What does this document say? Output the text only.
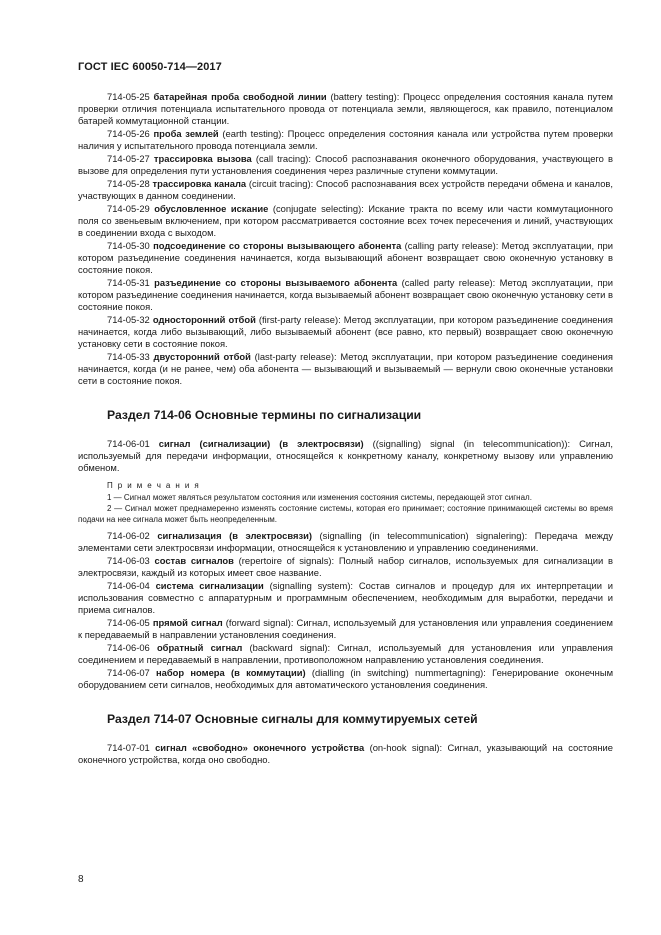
ГОСТ IEC 60050-714—2017
714-05-25 батарейная проба свободной линии (battery testing): Процесс определения состояния канала путем проверки отличия потенциала испытательного провода от потенциала земли, являющегося, как правило, потенциалом батарей коммутационной станции.
714-05-26 проба землей (earth testing): Процесс определения состояния канала или устройства путем проверки наличия у испытательного провода потенциала земли.
714-05-27 трассировка вызова (call tracing): Способ распознавания оконечного оборудования, участвующего в вызове для определения пути установления соединения через различные ступени коммутации.
714-05-28 трассировка канала (circuit tracing): Способ распознавания всех устройств передачи обмена и каналов, участвующих в данном соединении.
714-05-29 обусловленное искание (conjugate selecting): Искание тракта по всему или части коммутационного поля со звеньевым включением, при котором рассматривается состояние всех точек пересечения и линий, участвующих в соединении входа с выходом.
714-05-30 подсоединение со стороны вызывающего абонента (calling party release): Метод эксплуатации, при котором разъединение соединения начинается, когда вызывающий абонент возвращает свою оконечную установку в состояние покоя.
714-05-31 разъединение со стороны вызываемого абонента (called party release): Метод эксплуатации, при котором разъединение соединения начинается, когда вызываемый абонент возвращает свою оконечную установку сети в состояние покоя.
714-05-32 односторонний отбой (first-party release): Метод эксплуатации, при котором разъединение соединения начинается, когда либо вызывающий, либо вызываемый абонент (все равно, кто первый) возвращает свою оконечную установку сети в состояние покоя.
714-05-33 двусторонний отбой (last-party release): Метод эксплуатации, при котором разъединение соединения начинается, когда (и не ранее, чем) оба абонента — вызывающий и вызываемый — вернули свою оконечные установки сети в состояние покоя.
Раздел 714-06 Основные термины по сигнализации
714-06-01 сигнал (сигнализации) (в электросвязи) ((signalling) signal (in telecommunication)): Сигнал, используемый для передачи информации, относящейся к конкретному каналу, конкретному вызову или управлению обменом.
П р и м е ч а н и я
1 — Сигнал может являться результатом состояния или изменения состояния системы, передающей этот сигнал.
2 — Сигнал может преднамеренно изменять состояние системы, которая его принимает; состояние принимающей системы во время подачи на нее сигнала может быть неопределенным.
714-06-02 сигнализация (в электросвязи) (signalling (in telecommunication) signalering): Передача между элементами сети электросвязи информации, относящейся к установлению и управлению соединениями.
714-06-03 состав сигналов (repertoire of signals): Полный набор сигналов, используемых для сигнализации в электросвязи, каждый из которых имеет свое название.
714-06-04 система сигнализации (signalling system): Состав сигналов и процедур для их интерпретации и использования совместно с аппаратурным и программным обеспечением, необходимым для выработки, передачи и приема сигналов.
714-06-05 прямой сигнал (forward signal): Сигнал, используемый для установления или управления соединением к передаваемый в направлении установления соединения.
714-06-06 обратный сигнал (backward signal): Сигнал, используемый для установления или управления соединением и передаваемый в направлении, противоположном направлению установления соединения.
714-06-07 набор номера (в коммутации) (dialling (in switching) nummertagning): Генерирование оконечным оборудованием сети сигналов, необходимых для автоматического установления соединения.
Раздел 714-07 Основные сигналы для коммутируемых сетей
714-07-01 сигнал «свободно» оконечного устройства (on-hook signal): Сигнал, указывающий на состояние оконечного устройства, когда оно свободно.
8
